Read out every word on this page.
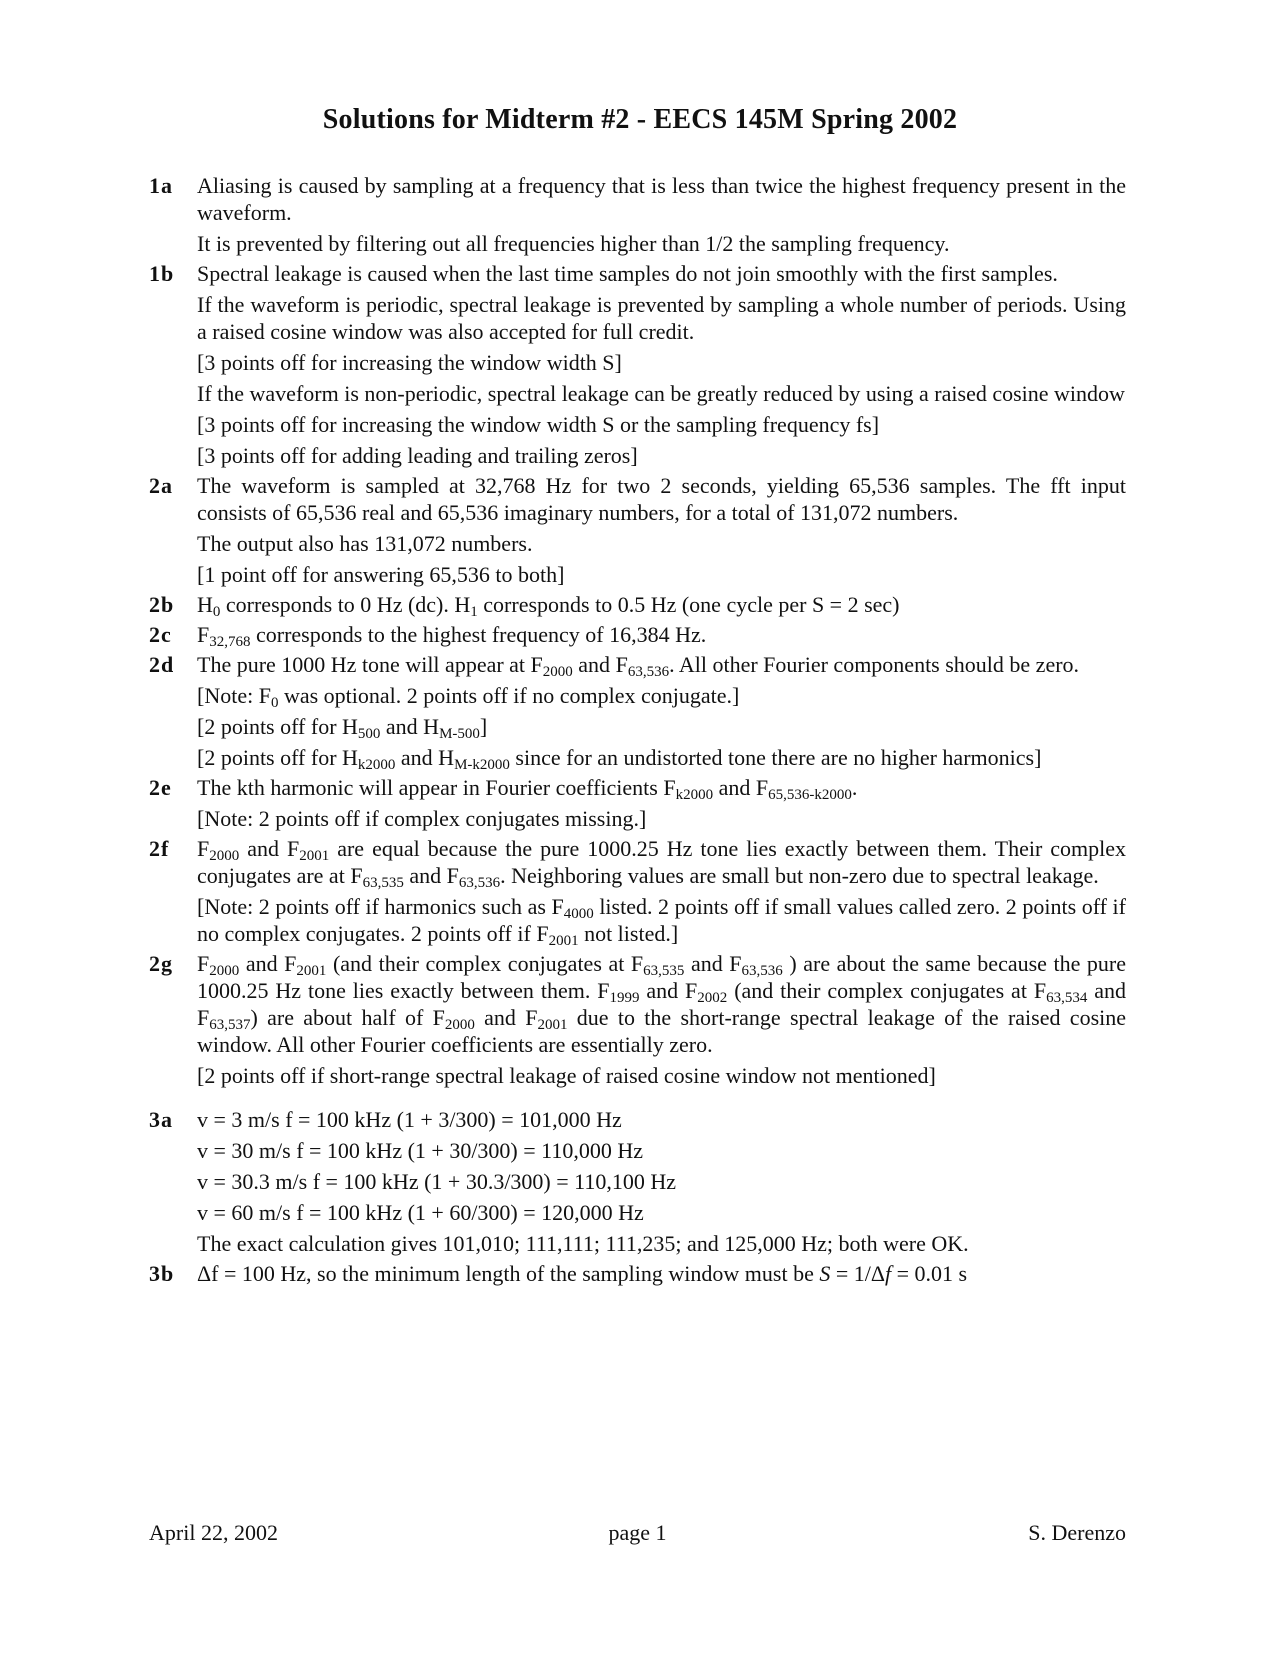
Solutions for Midterm #2 - EECS 145M Spring 2002
1a Aliasing is caused by sampling at a frequency that is less than twice the highest frequency present in the waveform.
It is prevented by filtering out all frequencies higher than 1/2 the sampling frequency.
1b Spectral leakage is caused when the last time samples do not join smoothly with the first samples.
If the waveform is periodic, spectral leakage is prevented by sampling a whole number of periods. Using a raised cosine window was also accepted for full credit.
[3 points off for increasing the window width S]
If the waveform is non-periodic, spectral leakage can be greatly reduced by using a raised cosine window
[3 points off for increasing the window width S or the sampling frequency fs]
[3 points off for adding leading and trailing zeros]
2a The waveform is sampled at 32,768 Hz for two 2 seconds, yielding 65,536 samples. The fft input consists of 65,536 real and 65,536 imaginary numbers, for a total of 131,072 numbers.
The output also has 131,072 numbers.
[1 point off for answering 65,536 to both]
2b $H_0$ corresponds to 0 Hz (dc). $H_1$ corresponds to 0.5 Hz (one cycle per S = 2 sec)
2c $F_{32,768}$ corresponds to the highest frequency of 16,384 Hz.
2d The pure 1000 Hz tone will appear at $F_{2000}$ and $F_{63,536}$. All other Fourier components should be zero.
[Note: $F_0$ was optional. 2 points off if no complex conjugate.]
[2 points off for $H_{500}$ and $H_{M-500}$]
[2 points off for $H_{k2000}$ and $H_{M-k2000}$ since for an undistorted tone there are no higher harmonics]
2e The kth harmonic will appear in Fourier coefficients $F_{k2000}$ and $F_{65,536-k2000}$.
[Note: 2 points off if complex conjugates missing.]
2f $F_{2000}$ and $F_{2001}$ are equal because the pure 1000.25 Hz tone lies exactly between them. Their complex conjugates are at $F_{63,535}$ and $F_{63,536}$. Neighboring values are small but non-zero due to spectral leakage.
[Note: 2 points off if harmonics such as $F_{4000}$ listed. 2 points off if small values called zero. 2 points off if no complex conjugates. 2 points off if $F_{2001}$ not listed.]
2g $F_{2000}$ and $F_{2001}$ (and their complex conjugates at $F_{63,535}$ and $F_{63,536}$ ) are about the same because the pure 1000.25 Hz tone lies exactly between them. $F_{1999}$ and $F_{2002}$ (and their complex conjugates at $F_{63,534}$ and $F_{63,537}$) are about half of $F_{2000}$ and $F_{2001}$ due to the short-range spectral leakage of the raised cosine window. All other Fourier coefficients are essentially zero.
[2 points off if short-range spectral leakage of raised cosine window not mentioned]
3a v = 3 m/s f = 100 kHz (1 + 3/300) = 101,000 Hz
v = 30 m/s f = 100 kHz (1 + 30/300) = 110,000 Hz
v = 30.3 m/s f = 100 kHz (1 + 30.3/300) = 110,100 Hz
v = 60 m/s f = 100 kHz (1 + 60/300) = 120,000 Hz
The exact calculation gives 101,010; 111,111; 111,235; and 125,000 Hz; both were OK.
3b Δf = 100 Hz, so the minimum length of the sampling window must be S = 1/Δf = 0.01 s
April 22, 2002	page 1	S. Derenzo
